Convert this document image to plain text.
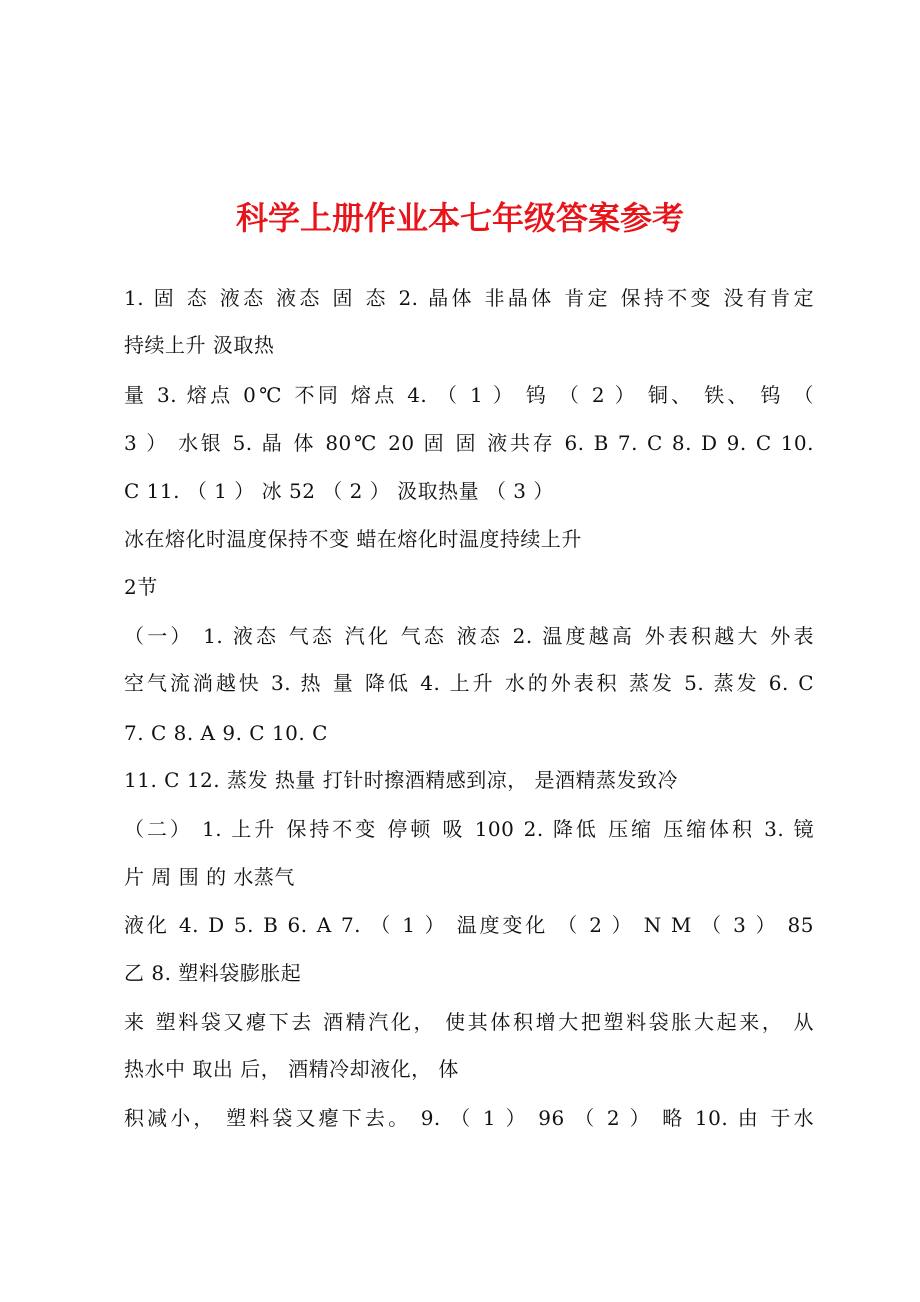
科学上册作业本七年级答案参考
1. 固 态 液态 液态 固 态 2. 晶体 非晶体 肯定 保持不变 没有肯定
持续上升 汲取热
量 3. 熔点 0℃ 不同 熔点 4. （ 1 ） 钨 （ 2 ） 铜、 铁、 钨 （
3 ） 水银 5. 晶 体 80℃ 20 固 固 液共存 6. B 7. C 8. D 9. C 10.
C 11. （ 1 ） 冰 52 （ 2 ） 汲取热量 （ 3 ）
冰在熔化时温度保持不变 蜡在熔化时温度持续上升
2节
（一） 1. 液态 气态 汽化 气态 液态 2. 温度越高 外表积越大 外表
空气流淌越快 3. 热 量 降低 4. 上升 水的外表积 蒸发 5. 蒸发 6. C
7. C 8. A 9. C 10. C
11. C 12. 蒸发 热量 打针时擦酒精感到凉， 是酒精蒸发致冷
（二） 1. 上升 保持不变 停顿 吸 100 2. 降低 压缩 压缩体积 3. 镜
片 周 围 的 水蒸气
液化 4. D 5. B 6. A 7. （ 1 ） 温度变化 （ 2 ） N M （ 3 ） 85
乙 8. 塑料袋膨胀起
来 塑料袋又瘪下去 酒精汽化， 使其体积增大把塑料袋胀大起来， 从
热水中 取出 后， 酒精冷却液化， 体
积减小， 塑料袋又瘪下去。 9. （ 1 ） 96 （ 2 ） 略 10. 由 于水
